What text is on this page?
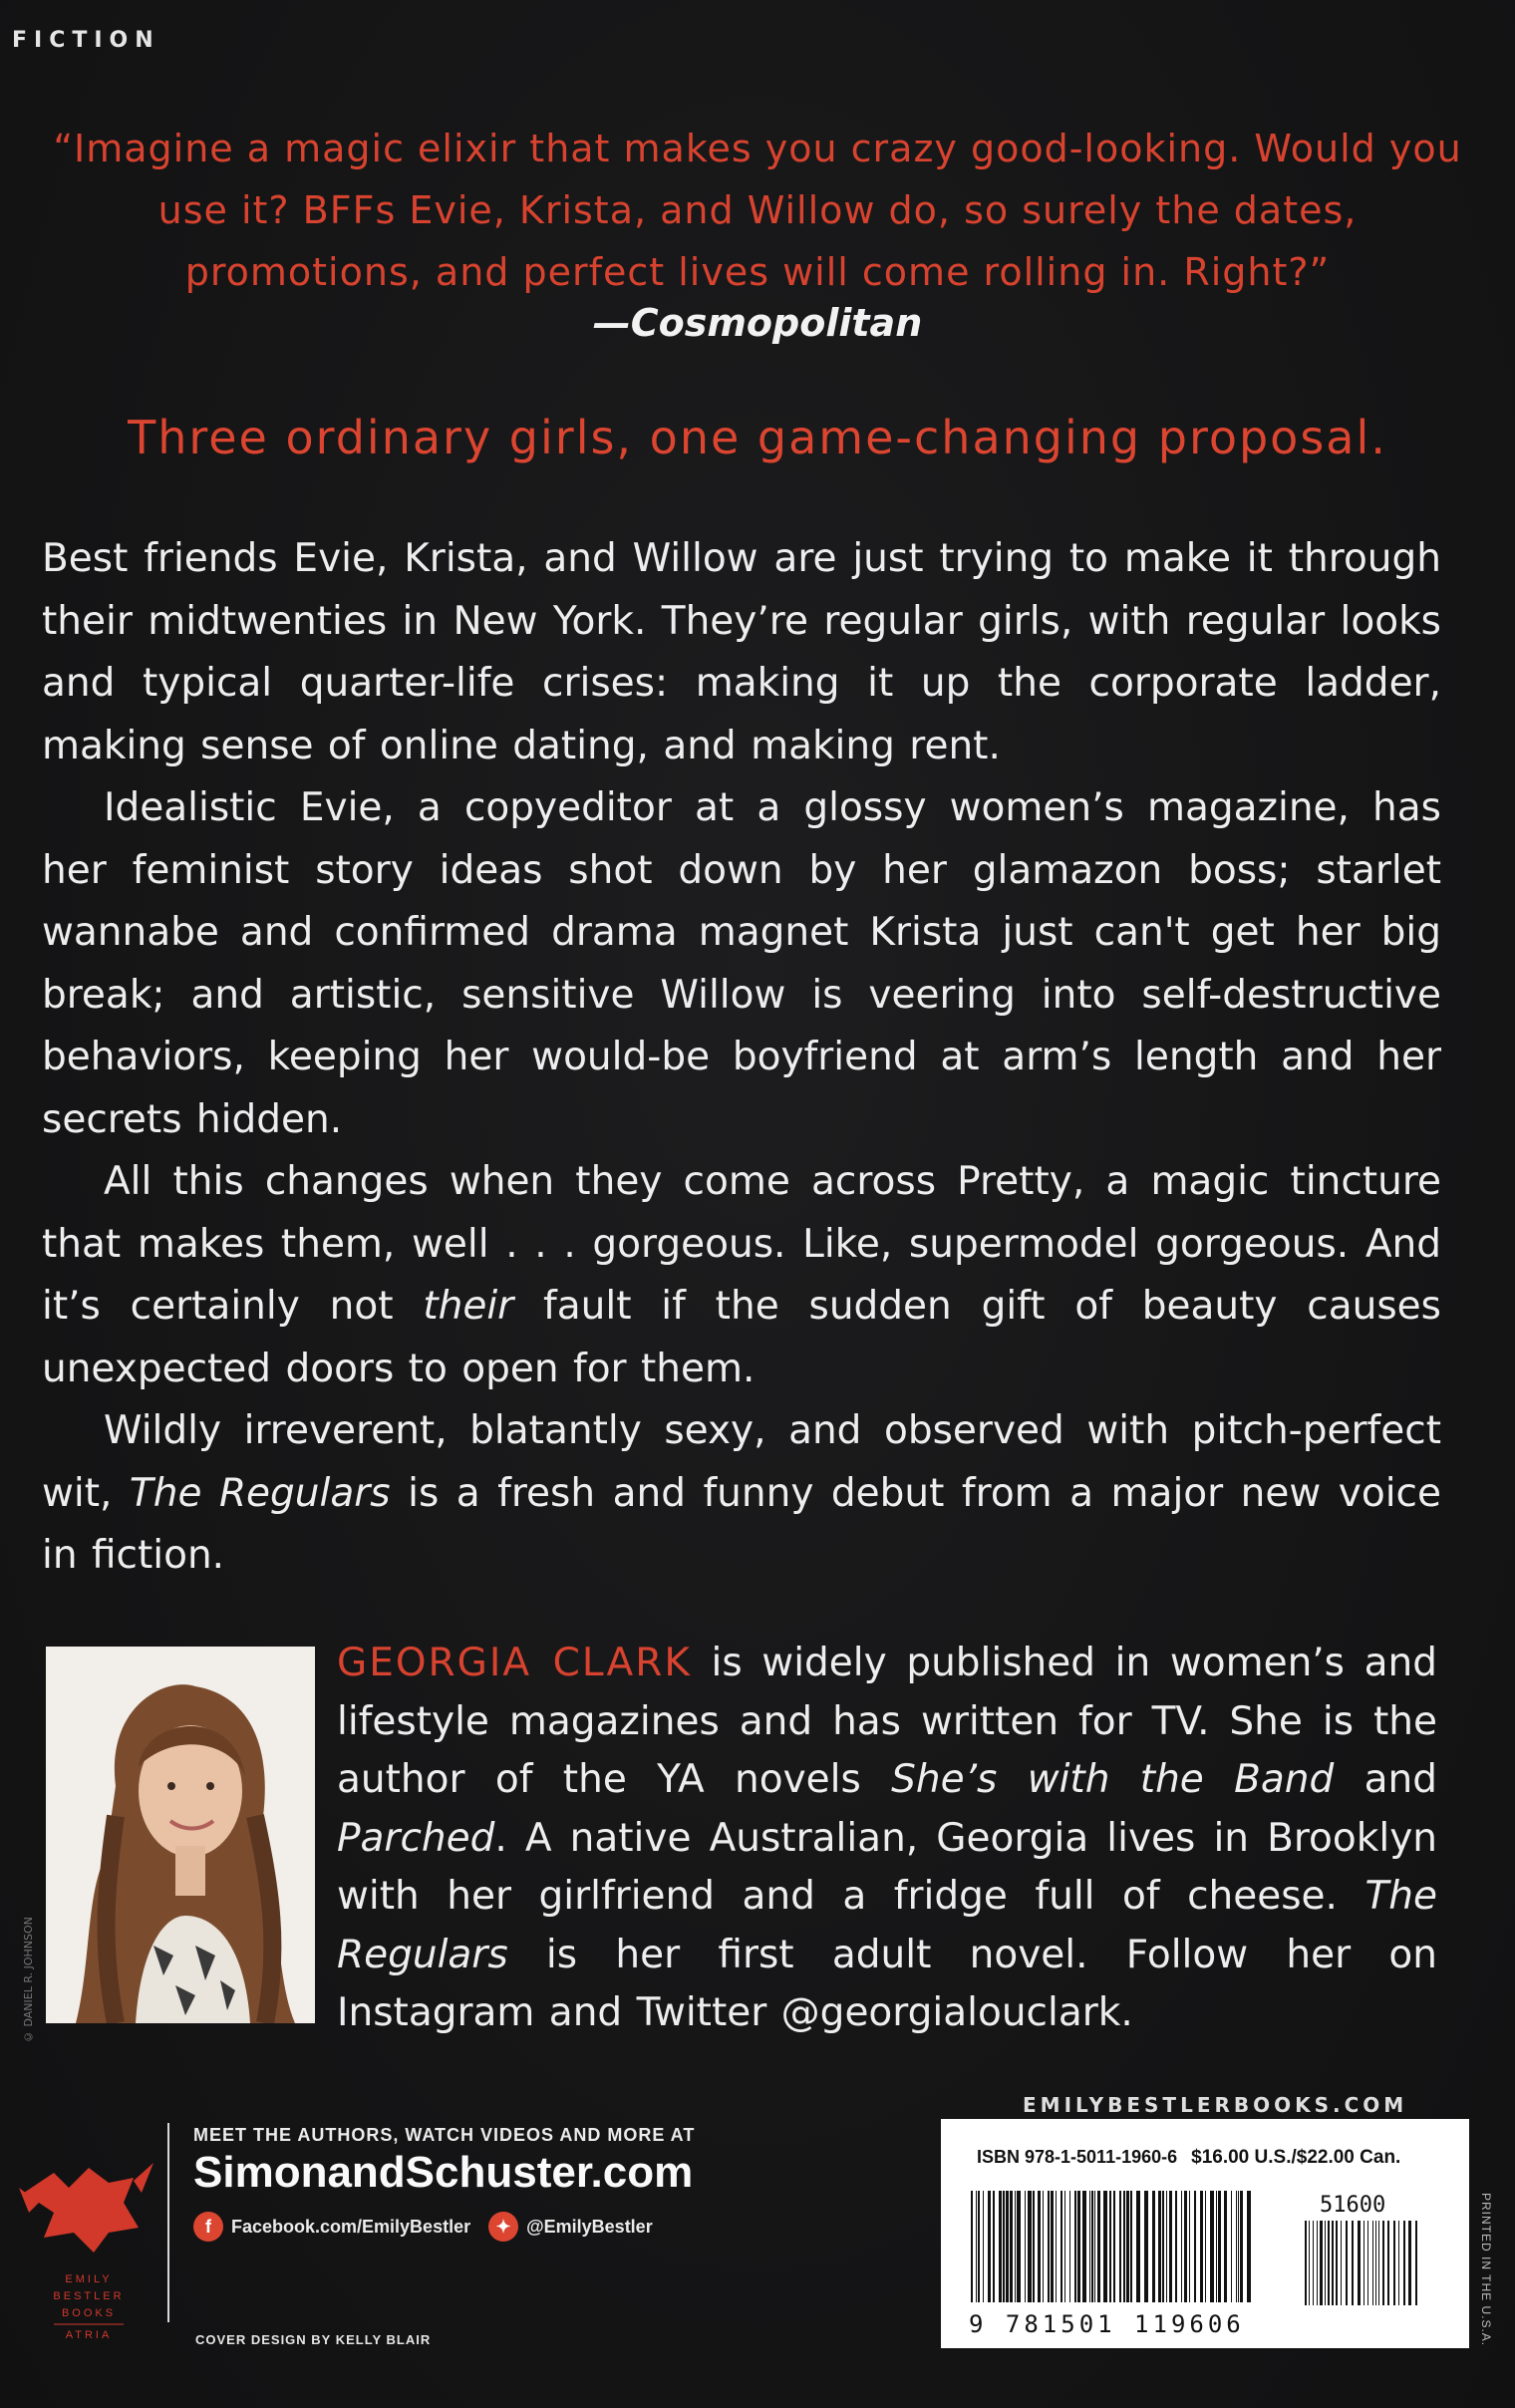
FICTION
“Imagine a magic elixir that makes you crazy good-looking. Would you use it? BFFs Evie, Krista, and Willow do, so surely the dates, promotions, and perfect lives will come rolling in. Right?”
—Cosmopolitan
Three ordinary girls, one game-changing proposal.

Best friends Evie, Krista, and Willow are just trying to make it through their midtwenties in New York. They’re regular girls, with regular looks and typical quarter-life crises: making it up the corporate ladder, making sense of online dating, and making rent.

Idealistic Evie, a copyeditor at a glossy women’s magazine, has her feminist story ideas shot down by her glamazon boss; starlet wannabe and confirmed drama magnet Krista just can't get her big break; and artistic, sensitive Willow is veering into self-destructive behaviors, keeping her would-be boyfriend at arm’s length and her secrets hidden.

All this changes when they come across Pretty, a magic tincture that makes them, well . . . gorgeous. Like, supermodel gorgeous. And it’s certainly not their fault if the sudden gift of beauty causes unexpected doors to open for them.

Wildly irreverent, blatantly sexy, and observed with pitch-perfect wit, The Regulars is a fresh and funny debut from a major new voice in fiction.

© DANIEL R. JOHNSON
GEORGIA CLARK is widely published in women’s and lifestyle magazines and has written for TV. She is the author of the YA novels She’s with the Band and Parched. A native Australian, Georgia lives in Brooklyn with her girlfriend and a fridge full of cheese. The Regulars is her first adult novel. Follow her on Instagram and Twitter @georgialouclark.
EMILYBESTLERBOOKS.COM
EMILY
BESTLER
BOOKS
ATRIA
MEET THE AUTHORS, WATCH VIDEOS AND MORE AT
SimonandSchuster.com
f	Facebook.com/EmilyBestler	✦ @EmilyBestler
COVER DESIGN BY KELLY BLAIR
ISBN 978-1-5011-1960-6 $16.00 U.S./$22.00 Can.
51600
9 781501 119606	PRINTED IN THE U.S.A.
